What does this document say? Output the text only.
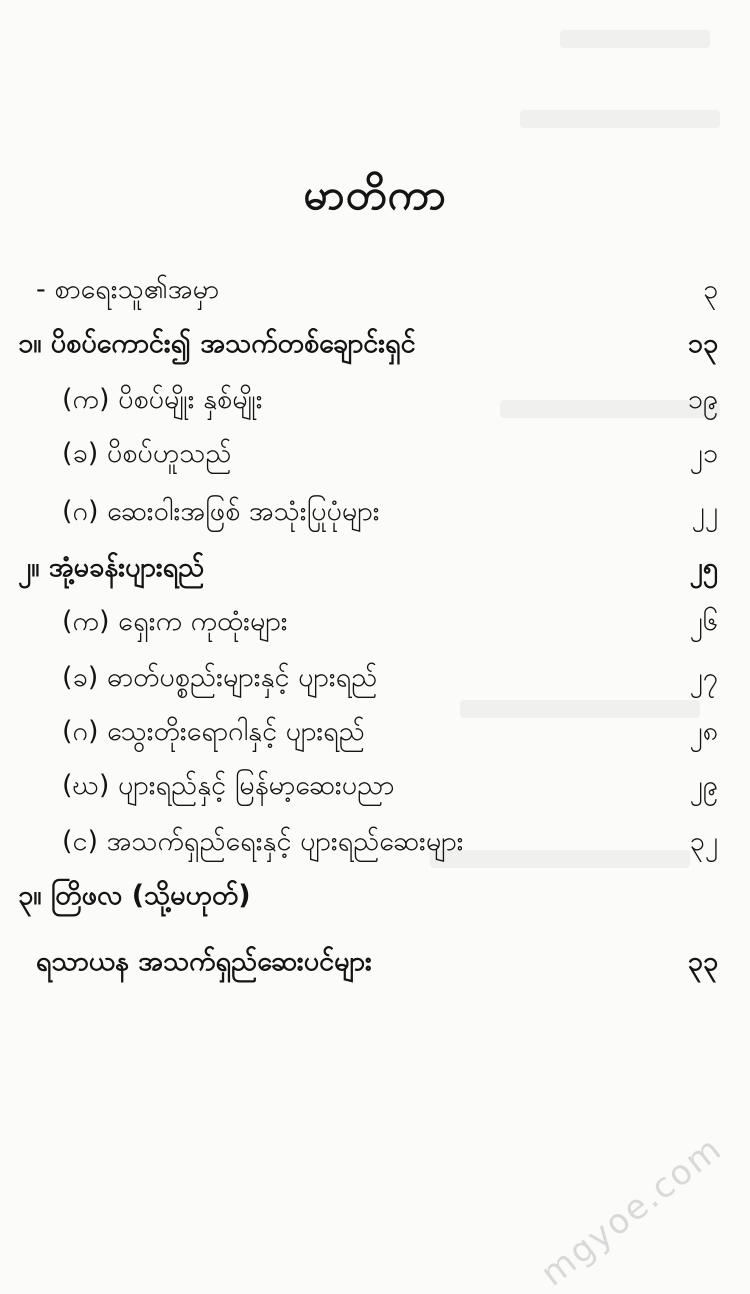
မာတိကာ
- စာရေးသူ၏အမှာ	၃
၁။ ပိစပ်ကောင်း၍ အသက်တစ်ချောင်းရှင်	၁၃
(က) ပိစပ်မျိုး နှစ်မျိုး	၁၉
(ခ) ပိစပ်ဟူသည်	၂၁
(ဂ) ဆေးဝါးအဖြစ် အသုံးပြုပုံများ	၂၂
၂။ အုံ့မခန်းပျားရည်	၂၅
(က) ရှေးက ကုထုံးများ	၂၆
(ခ) ဓာတ်ပစ္စည်းများနှင့် ပျားရည်	၂၇
(ဂ) သွေးတိုးရောဂါနှင့် ပျားရည်	၂၈
(ဃ) ပျားရည်နှင့် မြန်မာ့ဆေးပညာ	၂၉
(င) အသက်ရှည်ရေးနှင့် ပျားရည်ဆေးများ	၃၂
၃။ တြိဖလ (သို့မဟုတ်)
ရသာယန အသက်ရှည်ဆေးပင်များ	၃၃
mgyoe.com
